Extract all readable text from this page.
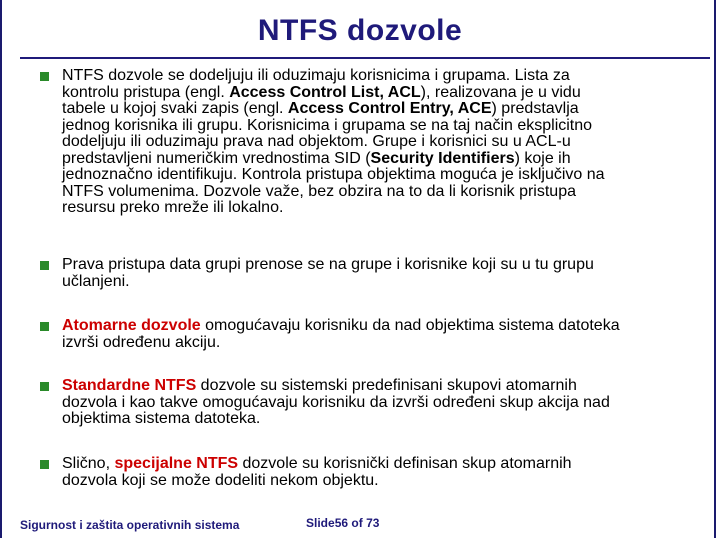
NTFS dozvole
NTFS dozvole se dodeljuju ili oduzimaju korisnicima i grupama. Lista za
kontrolu pristupa (engl. Access Control List, ACL), realizovana je u vidu
tabele u kojoj svaki zapis (engl. Access Control Entry, ACE) predstavlja
jednog korisnika ili grupu. Korisnicima i grupama se na taj način eksplicitno
dodeljuju ili oduzimaju prava nad objektom. Grupe i korisnici su u ACL-u
predstavljeni numeričkim vrednostima SID (Security Identifiers) koje ih
jednoznačno identifikuju. Kontrola pristupa objektima moguća je isključivo na
NTFS volumenima. Dozvole važe, bez obzira na to da li korisnik pristupa
resursu preko mreže ili lokalno.
Prava pristupa data grupi prenose se na grupe i korisnike koji su u tu grupu
učlanjeni.
Atomarne dozvole omogućavaju korisniku da nad objektima sistema datoteka
izvrši određenu akciju.
Standardne NTFS dozvole su sistemski predefinisani skupovi atomarnih
dozvola i kao takve omogućavaju korisniku da izvrši određeni skup akcija nad
objektima sistema datoteka.
Slično, specijalne NTFS dozvole su korisnički definisan skup atomarnih
dozvola koji se može dodeliti nekom objektu.
Sigurnost i zaštita operativnih sistema	Slide56 of 73
